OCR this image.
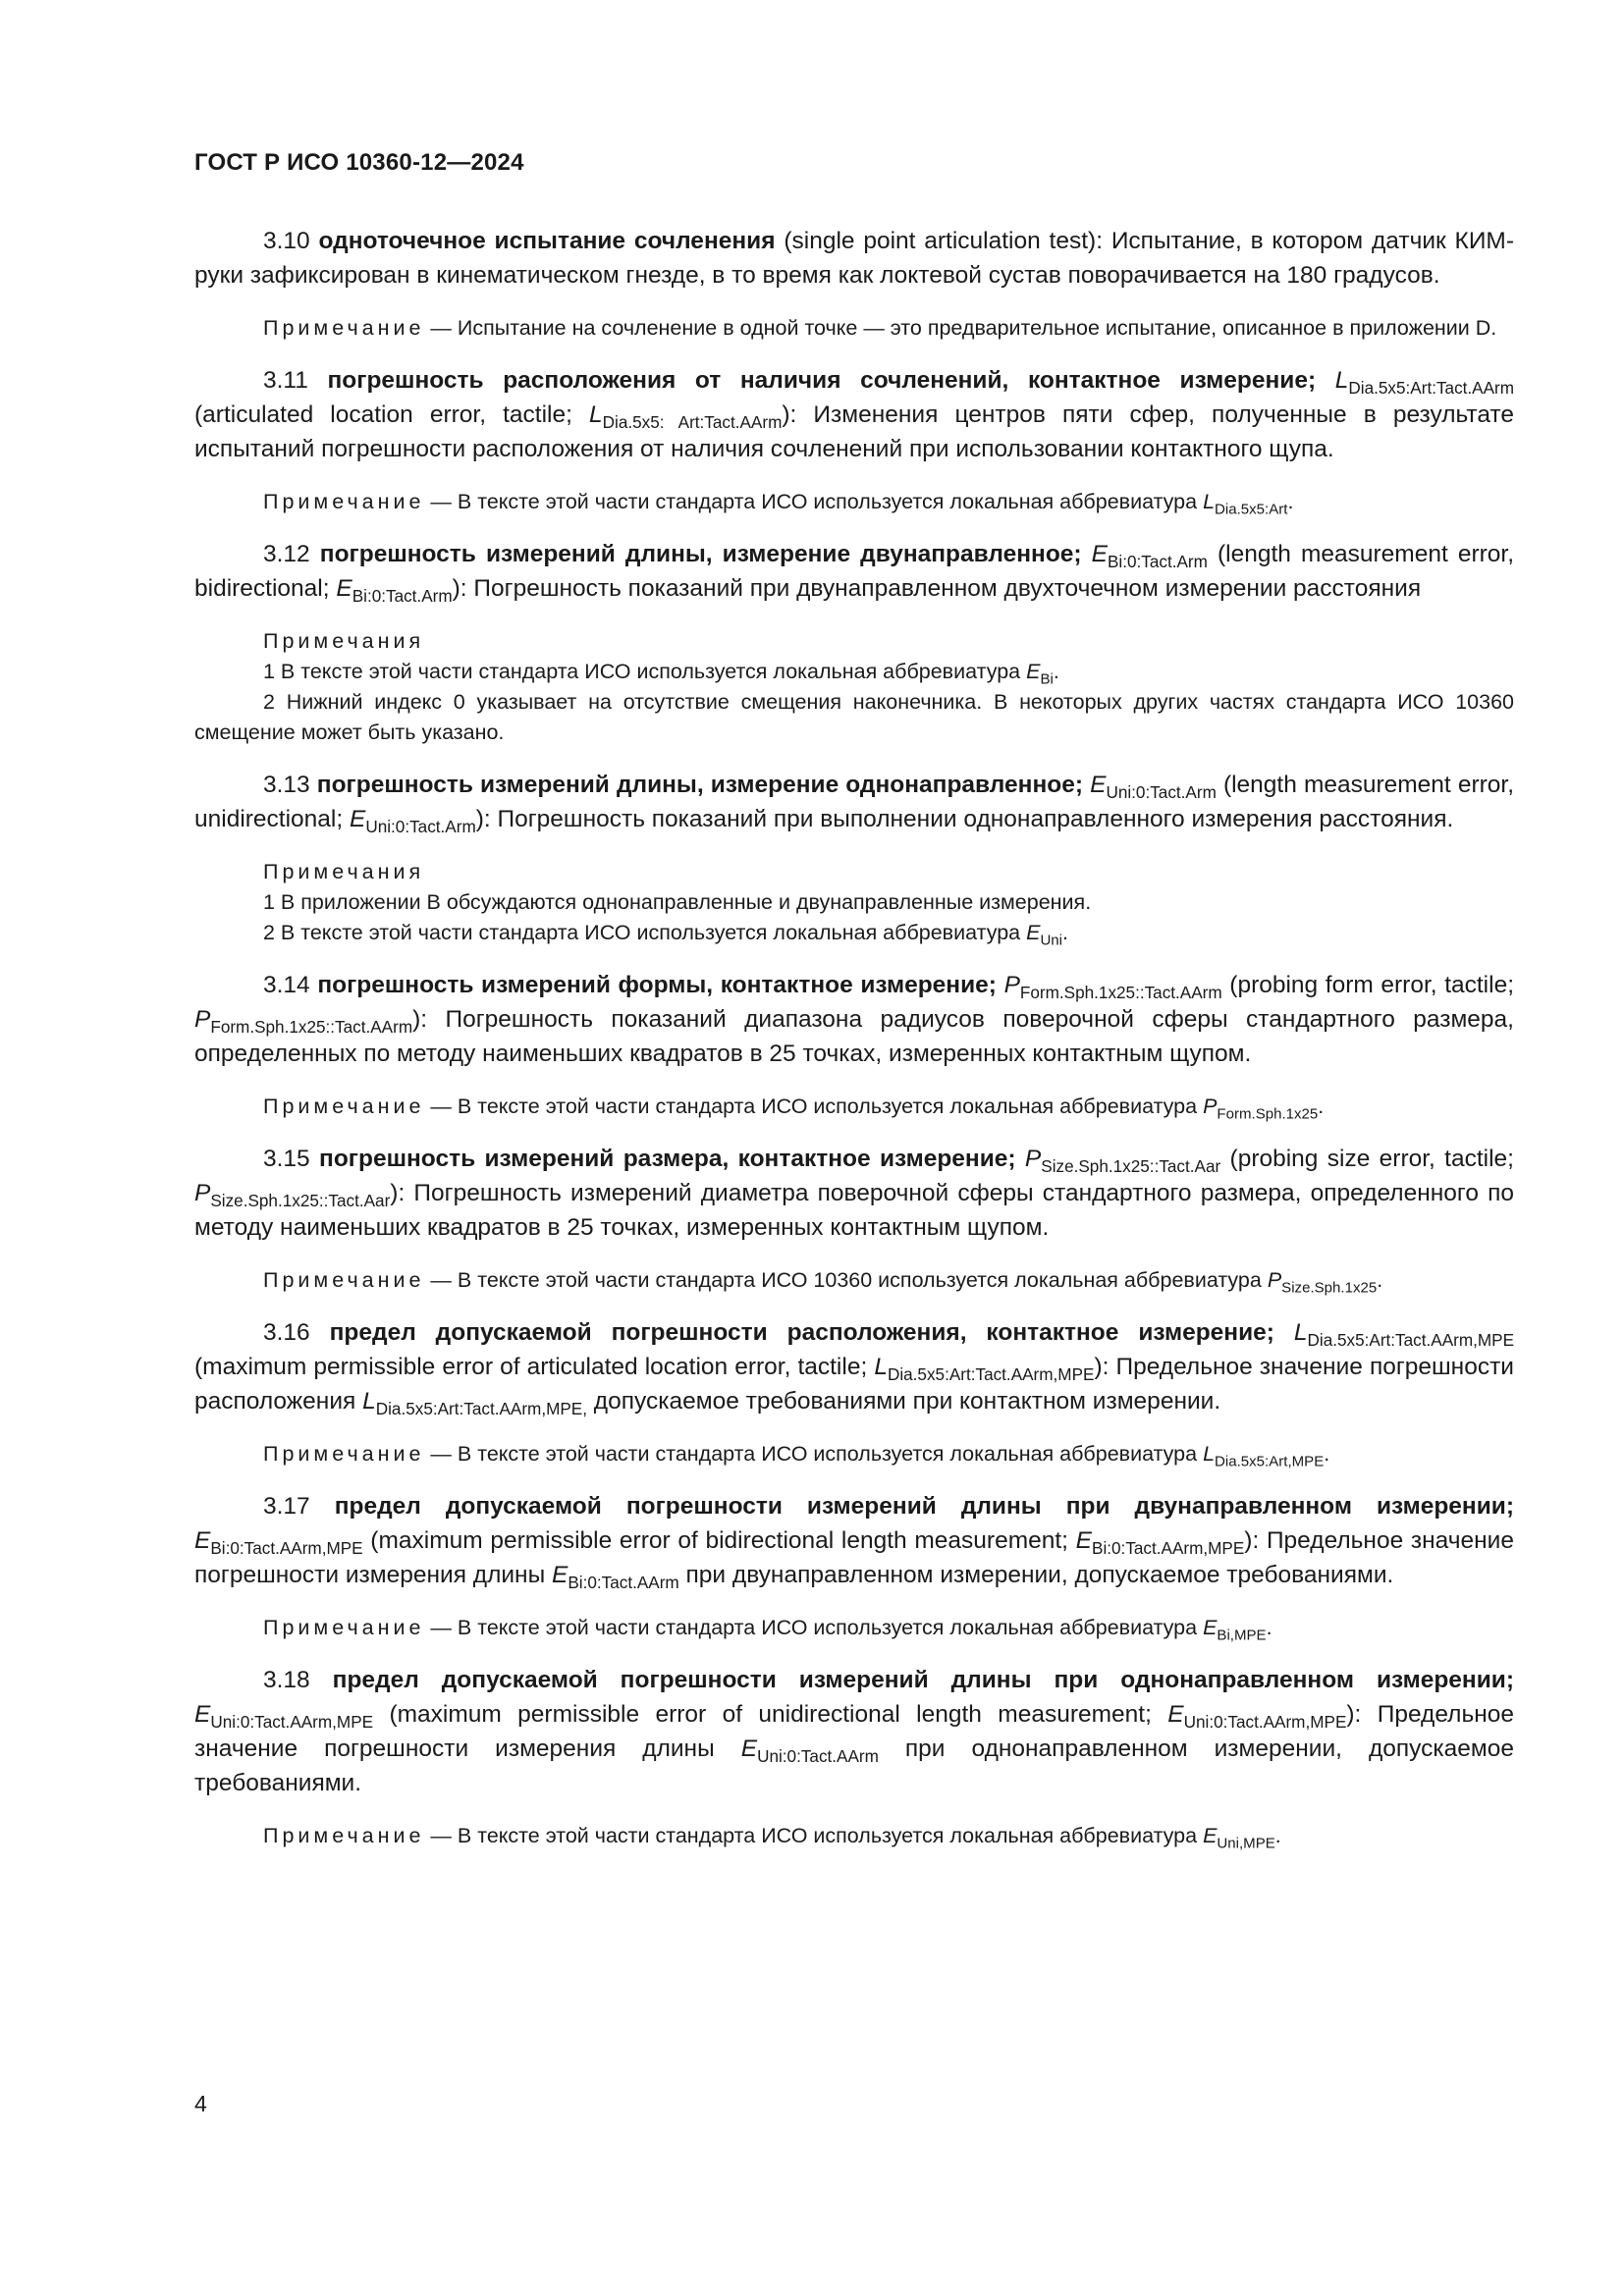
ГОСТ Р ИСО 10360-12—2024

3.10 одноточечное испытание сочленения (single point articulation test): Испытание, в котором датчик КИМ-руки зафиксирован в кинематическом гнезде, в то время как локтевой сустав поворачивается на 180 градусов.

Примечание — Испытание на сочленение в одной точке — это предварительное испытание, описанное в приложении D.

3.11 погрешность расположения от наличия сочленений, контактное измерение; $L_{Dia.5x5:Art:Tact.AArm}$ (articulated location error, tactile; $L_{Dia.5x5: Art:Tact.AArm}$): Изменения центров пяти сфер, полученные в результате испытаний погрешности расположения от наличия сочленений при использовании контактного щупа.

Примечание — В тексте этой части стандарта ИСО используется локальная аббревиатура $L_{Dia.5x5:Art}$.

3.12 погрешность измерений длины, измерение двунаправленное; $E_{Bi:0:Tact.Arm}$ (length measurement error, bidirectional; $E_{Bi:0:Tact.Arm}$): Погрешность показаний при двунаправленном двухточечном измерении расстояния

Примечания
1 В тексте этой части стандарта ИСО используется локальная аббревиатура $E_{Bi}$.
2 Нижний индекс 0 указывает на отсутствие смещения наконечника. В некоторых других частях стандарта ИСО 10360 смещение может быть указано.

3.13 погрешность измерений длины, измерение однонаправленное; $E_{Uni:0:Tact.Arm}$ (length measurement error, unidirectional; $E_{Uni:0:Tact.Arm}$): Погрешность показаний при выполнении однонаправленного измерения расстояния.

Примечания
1 В приложении В обсуждаются однонаправленные и двунаправленные измерения.
2 В тексте этой части стандарта ИСО используется локальная аббревиатура $E_{Uni}$.

3.14 погрешность измерений формы, контактное измерение; $P_{Form.Sph.1x25::Tact.AArm}$ (probing form error, tactile; $P_{Form.Sph.1x25::Tact.AArm}$): Погрешность показаний диапазона радиусов поверочной сферы стандартного размера, определенных по методу наименьших квадратов в 25 точках, измеренных контактным щупом.

Примечание — В тексте этой части стандарта ИСО используется локальная аббревиатура $P_{Form.Sph.1x25}$.

3.15 погрешность измерений размера, контактное измерение; $P_{Size.Sph.1x25::Tact.Aar}$ (probing size error, tactile; $P_{Size.Sph.1x25::Tact.Aar}$): Погрешность измерений диаметра поверочной сферы стандартного размера, определенного по методу наименьших квадратов в 25 точках, измеренных контактным щупом.

Примечание — В тексте этой части стандарта ИСО 10360 используется локальная аббревиатура $P_{Size.Sph.1x25}$.

3.16 предел допускаемой погрешности расположения, контактное измерение; $L_{Dia.5x5:Art:Tact.AArm,MPE}$ (maximum permissible error of articulated location error, tactile; $L_{Dia.5x5:Art:Tact.AArm,MPE}$): Предельное значение погрешности расположения $L_{Dia.5x5:Art:Tact.AArm,MPE,}$ допускаемое требованиями при контактном измерении.

Примечание — В тексте этой части стандарта ИСО используется локальная аббревиатура $L_{Dia.5x5:Art,MPE}$.

3.17 предел допускаемой погрешности измерений длины при двунаправленном измерении; $E_{Bi:0:Tact.AArm,MPE}$ (maximum permissible error of bidirectional length measurement; $E_{Bi:0:Tact.AArm,MPE}$): Предельное значение погрешности измерения длины $E_{Bi:0:Tact.AArm}$ при двунаправленном измерении, допускаемое требованиями.

Примечание — В тексте этой части стандарта ИСО используется локальная аббревиатура $E_{Bi,MPE}$.

3.18 предел допускаемой погрешности измерений длины при однонаправленном измерении; $E_{Uni:0:Tact.AArm,MPE}$ (maximum permissible error of unidirectional length measurement; $E_{Uni:0:Tact.AArm,MPE}$): Предельное значение погрешности измерения длины $E_{Uni:0:Tact.AArm}$ при однонаправленном измерении, допускаемое требованиями.

Примечание — В тексте этой части стандарта ИСО используется локальная аббревиатура $E_{Uni,MPE}$.

4
